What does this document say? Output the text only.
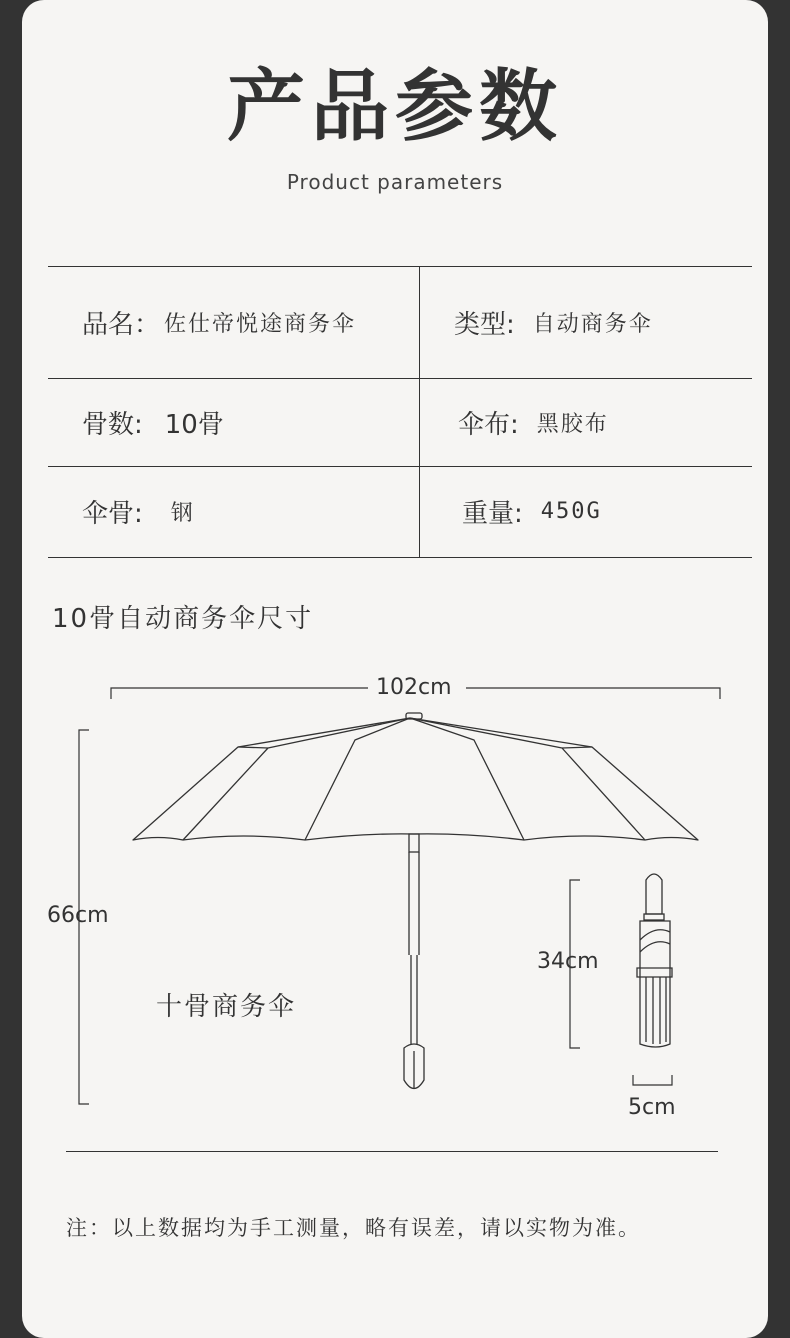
产品参数
Product parameters
品名： 佐仕帝悦途商务伞	类型: 自动商务伞
骨数: 10骨	伞布: 黑胶布
伞骨: 钢	重量: 450G
10骨自动商务伞尺寸
102cm
66cm
34cm
5cm
十骨商务伞
注：以上数据均为手工测量，略有误差，请以实物为准。
